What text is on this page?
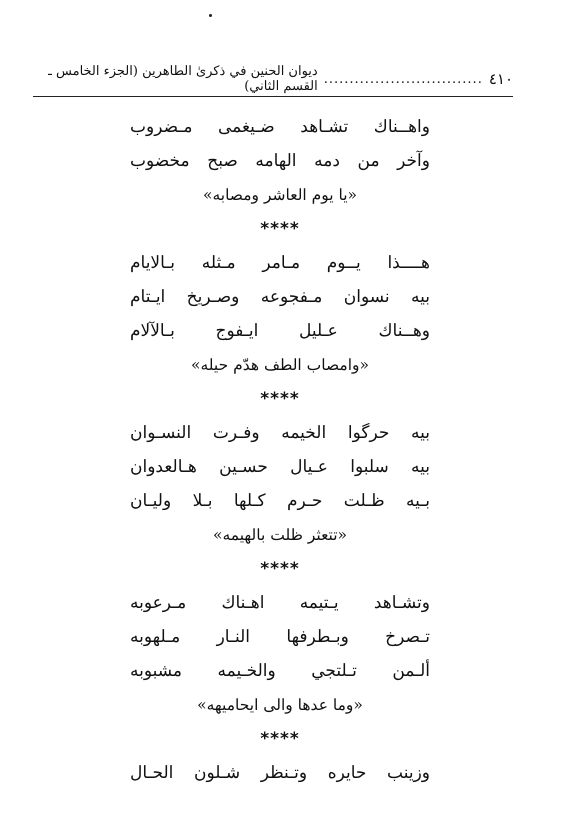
٤١٠
...............................
ديوان الحنين في ذكرىٰ الطاهرين (الجزء الخامس ـ القسم الثاني)
واهــناك تشـاهد ضـيغمى مـضروب
وآخر من دمه الهامه صبح مخضوب
«يا يوم العاشر ومصابه»
****
هــــذا يــوم مـامر مـثله بـالايام
بيه نسوان مـفجوعه وصـريخ ايـتام
وهــناك عـليل ايـفوج بـالآلام
«وامصاب الطف هدّم حيله»
****
بيه حرگوا الخيمه وفـرت النسـوان
بيه سلبوا عـيال حسـين هـالعدوان
بـيه ظـلت حـرم كـلها بـلا وليـان
«تتعثر ظلت بالهيمه»
****
وتشـاهد يـتيمه اهـناك مـرعوبه
تـصرخ وبـطرفها النـار مـلهوبه
ألـمن تـلتجي والخـيمه مشبوبه
«وما عدها والى ايحاميهه»
****
وزينب حايره وتـنظر شـلون الحـال
